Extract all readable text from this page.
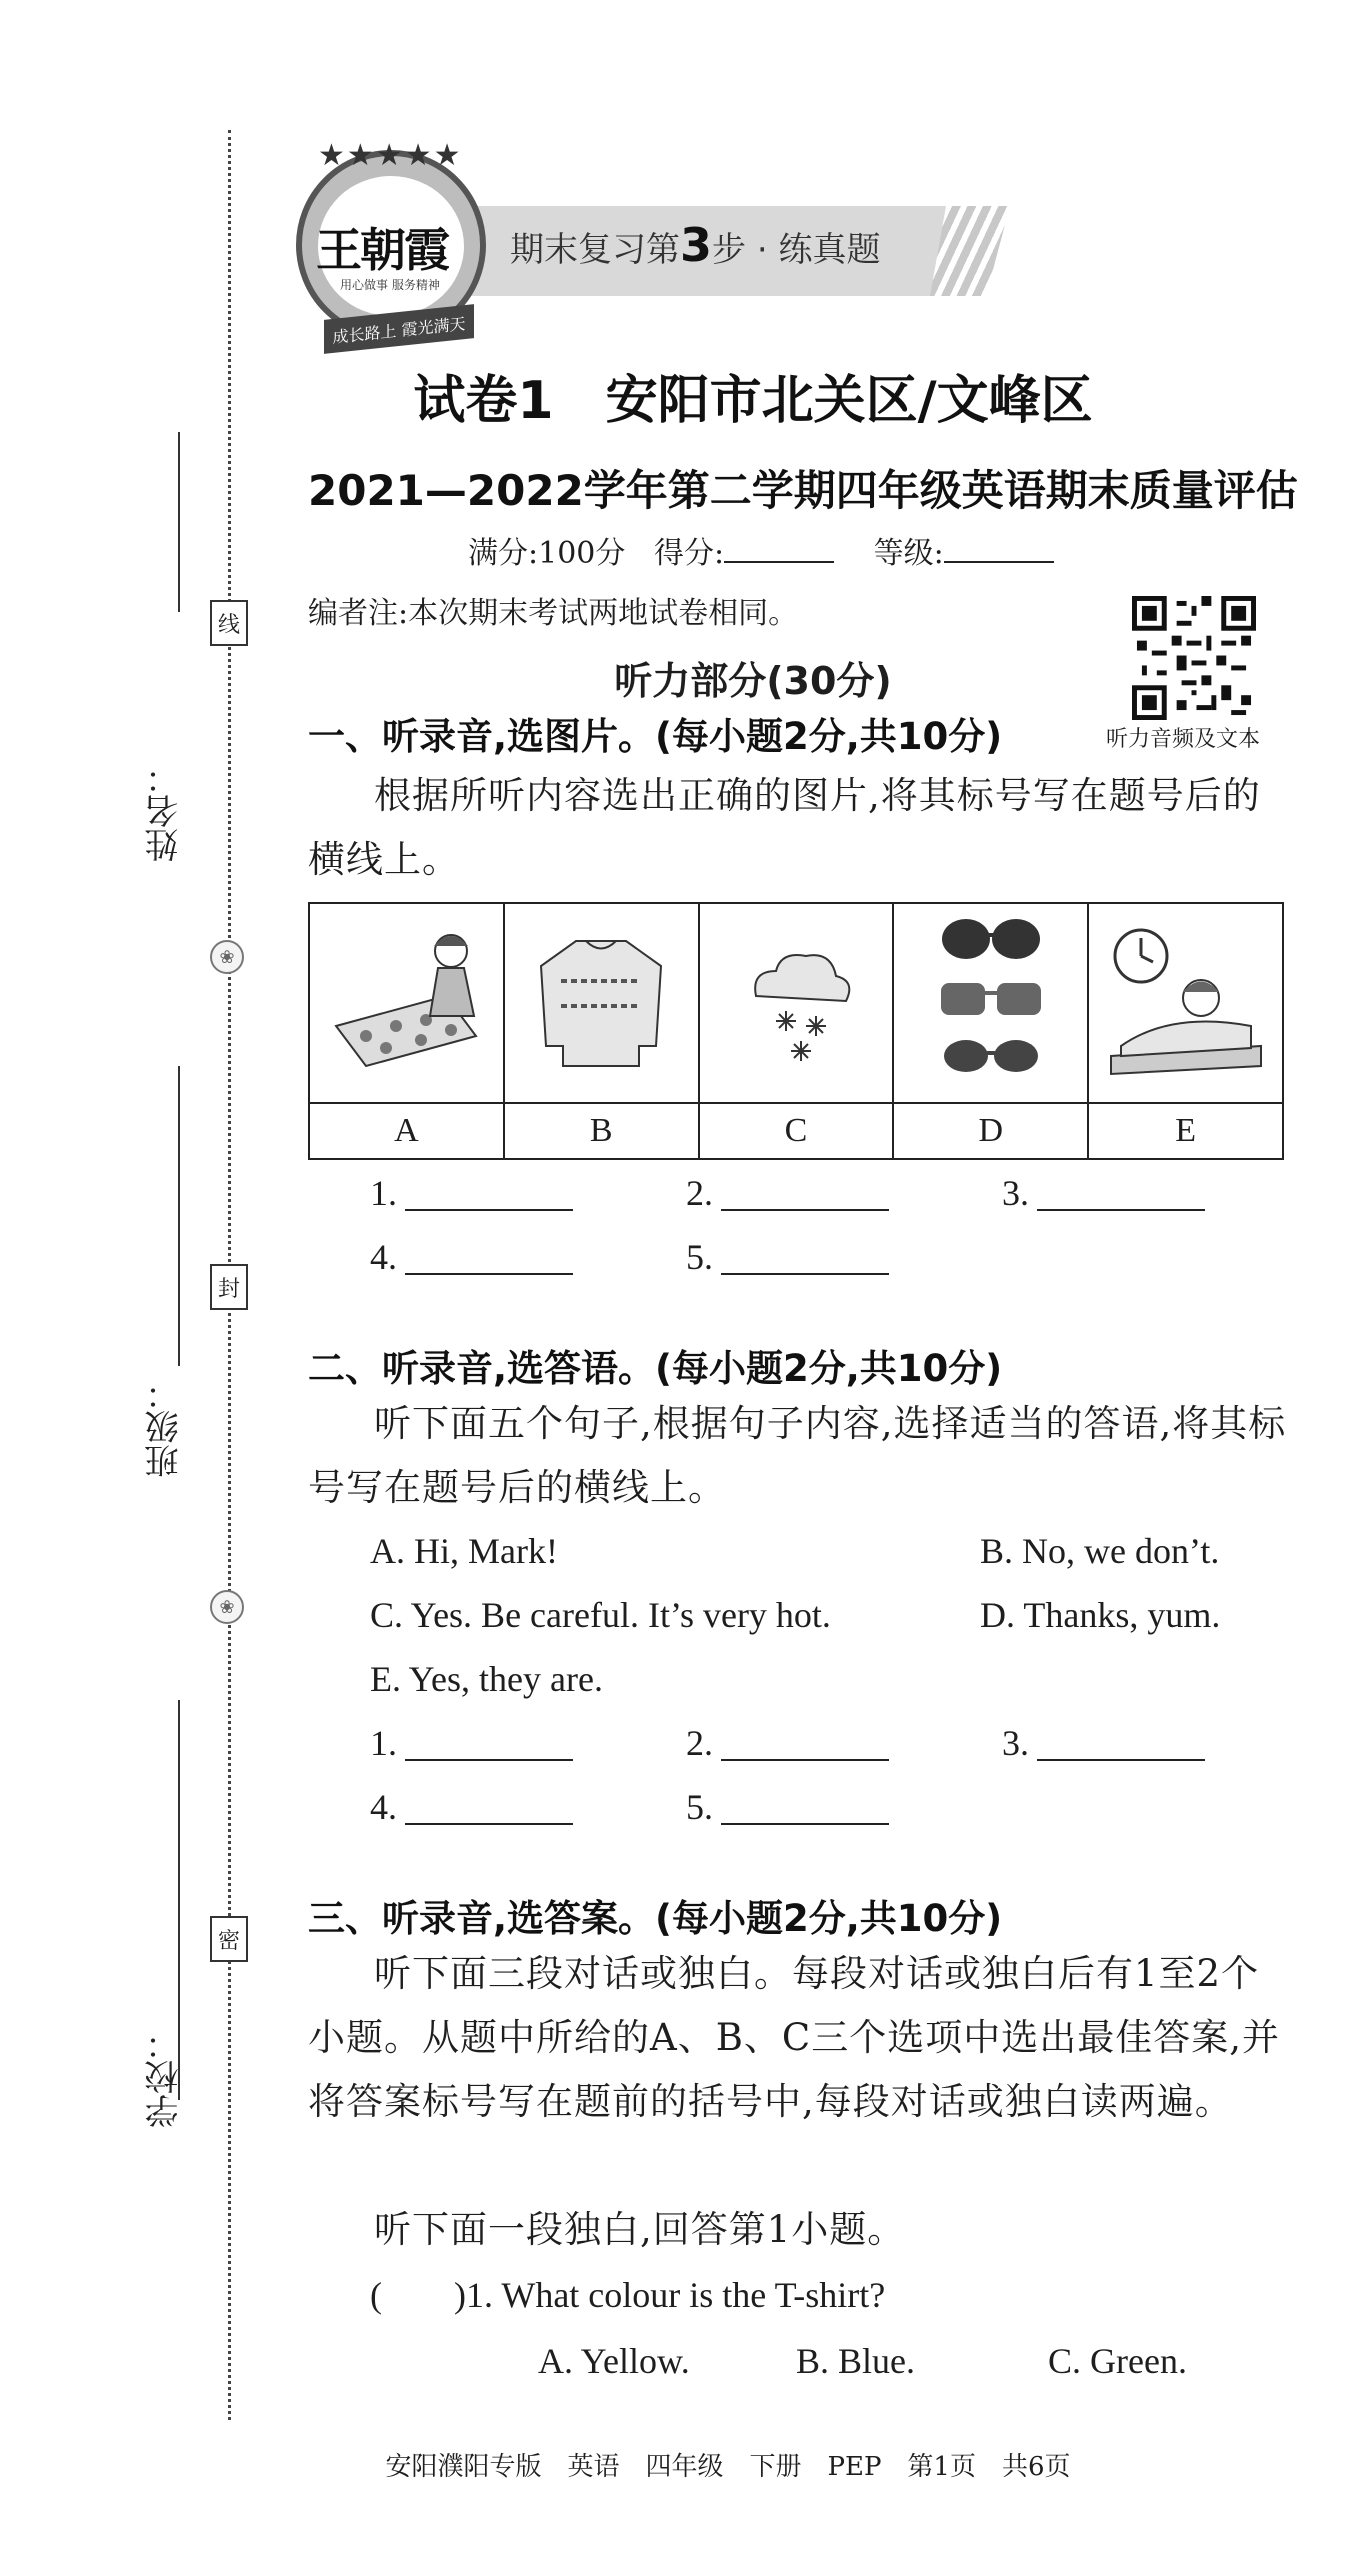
姓名：
班级：
学校：
线
封
密
❀
❀
期末复习第3步 · 练真题
★★★★★
王朝霞
用心做事 服务精神
成长路上 霞光满天
试卷1　安阳市北关区/文峰区
2021—2022学年第二学期四年级英语期末质量评估
满分:100分 得分:	等级:
编者注:本次期末考试两地试卷相同。
听力音频及文本
听力部分(30分)
一、听录音,选图片。(每小题2分,共10分)
根据所听内容选出正确的图片,将其标号写在题号后的横线上。

A	B	C	D	E
1.	2.	3.
4.	5.
二、听录音,选答语。(每小题2分,共10分)
听下面五个句子,根据句子内容,选择适当的答语,将其标号写在题号后的横线上。
A. Hi, Mark!	B. No, we don’t.
C. Yes. Be careful. It’s very hot.	D. Thanks, yum.
E. Yes, they are.
1.	2.	3.
4.	5.
三、听录音,选答案。(每小题2分,共10分)
听下面三段对话或独白。每段对话或独白后有1至2个小题。从题中所给的A、B、C三个选项中选出最佳答案,并将答案标号写在题前的括号中,每段对话或独白读两遍。
听下面一段独白,回答第1小题。
(        )1. What colour is the T-shirt?
A. Yellow.	B. Blue.	C. Green.
安阳濮阳专版　英语　四年级　下册　PEP　第1页　共6页
